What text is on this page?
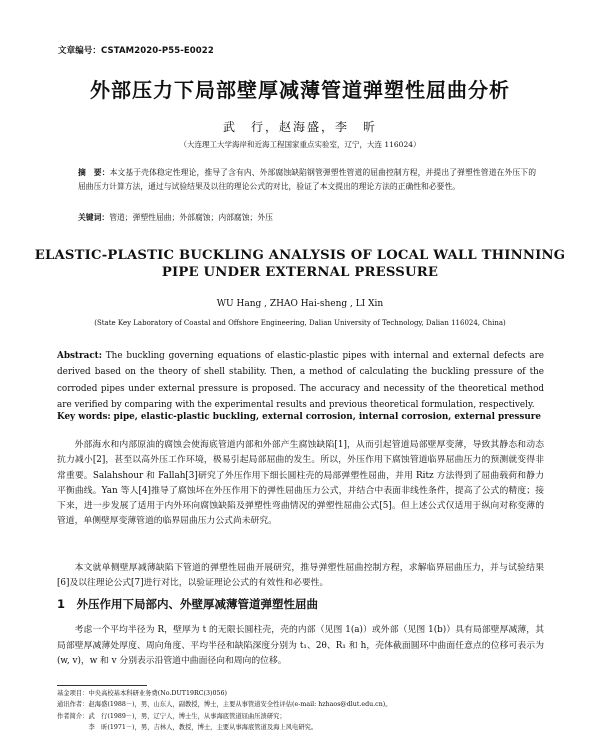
文章编号：CSTAM2020-P55-E0022
外部压力下局部壁厚减薄管道弹塑性屈曲分析
武　行，赵海盛，李　昕
（大连理工大学海岸和近海工程国家重点实验室，辽宁，大连 116024）
摘　要：本文基于壳体稳定性理论，推导了含有内、外部腐蚀缺陷钢管弹塑性管道的屈曲控制方程，并提出了弹塑性管道在外压下的屈曲压力计算方法，通过与试验结果及以往的理论公式的对比，验证了本文提出的理论方法的正确性和必要性。
关键词：管道；弹塑性屈曲；外部腐蚀；内部腐蚀；外压
ELASTIC-PLASTIC BUCKLING ANALYSIS OF LOCAL WALL THINNING PIPE UNDER EXTERNAL PRESSURE
WU Hang , ZHAO Hai-sheng , LI Xin
(State Key Laboratory of Coastal and Offshore Engineering, Dalian University of Technology, Dalian 116024, China)
Abstract: The buckling governing equations of elastic-plastic pipes with internal and external defects are derived based on the theory of shell stability. Then, a method of calculating the buckling pressure of the corroded pipes under external pressure is proposed. The accuracy and necessity of the theoretical method are verified by comparing with the experimental results and previous theoretical formulation, respectively.
Key words: pipe, elastic-plastic buckling, external corrosion, internal corrosion, external pressure

外部海水和内部原油的腐蚀会使海底管道内部和外部产生腐蚀缺陷[1]，从而引起管道局部壁厚变薄，导致其静态和动态抗力减小[2]，甚至以高外压工作环境，极易引起局部屈曲的发生。所以，外压作用下腐蚀管道临界屈曲压力的预测就变得非常重要。Salahshour 和 Fallah[3]研究了外压作用下细长圆柱壳的局部弹塑性屈曲，并用 Ritz 方法得到了屈曲载荷和静力平衡曲线。Yan 等人[4]推导了腐蚀坏在外压作用下的弹性屈曲压力公式，并结合中表面非线性条件，提高了公式的精度；接下来，进一步发展了适用于内外环向腐蚀缺陷及弹塑性弯曲情况的弹塑性屈曲公式[5]。但上述公式仅适用于纵向对称变薄的管道，单侧壁厚变薄管道的临界屈曲压力公式尚未研究。

本文就单侧壁厚减薄缺陷下管道的弹塑性屈曲开展研究，推导弹塑性屈曲控制方程，求解临界屈曲压力，并与试验结果[6]及以往理论公式[7]进行对比，以验证理论公式的有效性和必要性。

1　外压作用下局部内、外壁厚减薄管道弹塑性屈曲

考虑一个平均半径为 R，壁厚为 t 的无限长圆柱壳，壳的内部（见图 1(a)）或外部（见图 1(b)）具有局部壁厚减薄，其局部壁厚减薄处厚度、周向角度、平均半径和缺陷深度分别为 t₁、2θ、R₁ 和 h，壳体截面圆环中曲面任意点的位移可表示为(w, v)，w 和 v 分别表示沿管道中曲面径向和周向的位移。

基金项目：中央高校基本科研业务费(No.DUT19RC(3)056)
通讯作者：赵海盛(1988－)，男，山东人，副教授，博士，主要从事管道安全性评估(e-mail: hzhaos@dlut.edu.cn)。
作者简介：武　行(1989－)，男，辽宁人，博士生，从事海底管道屈曲压溃研究；
　　　　　李　昕(1971－)，男，吉林人，教授，博士，主要从事海底管道及海上风电研究。
